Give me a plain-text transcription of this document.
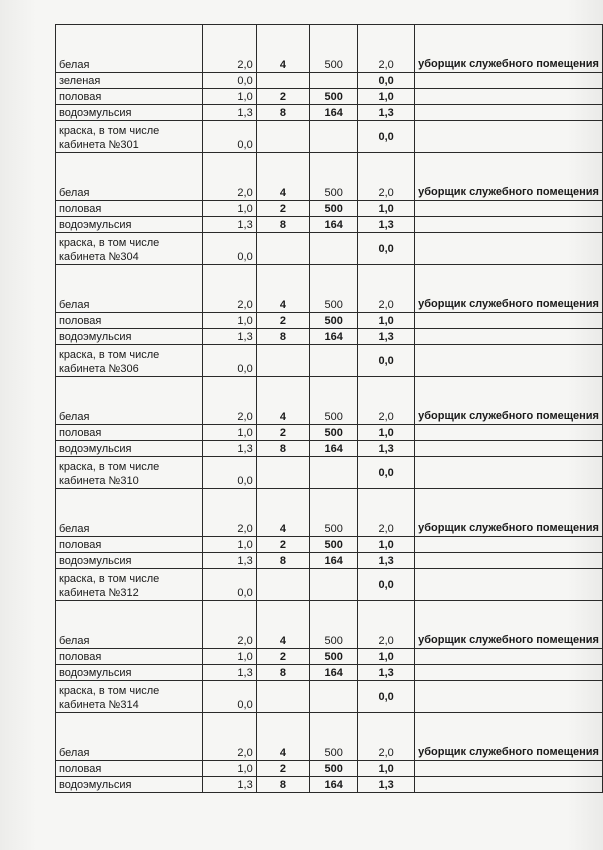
белая	2,0	4	500	2,0	уборщик служебного помещения
зеленая	0,0			0,0	
половая	1,0	2	500	1,0	
водоэмульсия	1,3	8	164	1,3	

краска, в том числе
кабинета №301	0,0			0,0	
белая	2,0	4	500	2,0	уборщик служебного помещения
половая	1,0	2	500	1,0	
водоэмульсия	1,3	8	164	1,3	

краска, в том числе
кабинета №304	0,0			0,0	
белая	2,0	4	500	2,0	уборщик служебного помещения
половая	1,0	2	500	1,0	
водоэмульсия	1,3	8	164	1,3	

краска, в том числе
кабинета №306	0,0			0,0	
белая	2,0	4	500	2,0	уборщик служебного помещения
половая	1,0	2	500	1,0	
водоэмульсия	1,3	8	164	1,3	

краска, в том числе
кабинета №310	0,0			0,0	
белая	2,0	4	500	2,0	уборщик служебного помещения
половая	1,0	2	500	1,0	
водоэмульсия	1,3	8	164	1,3	

краска, в том числе
кабинета №312	0,0			0,0	
белая	2,0	4	500	2,0	уборщик служебного помещения
половая	1,0	2	500	1,0	
водоэмульсия	1,3	8	164	1,3	

краска, в том числе
кабинета №314	0,0			0,0	
белая	2,0	4	500	2,0	уборщик служебного помещения
половая	1,0	2	500	1,0	
водоэмульсия	1,3	8	164	1,3	
